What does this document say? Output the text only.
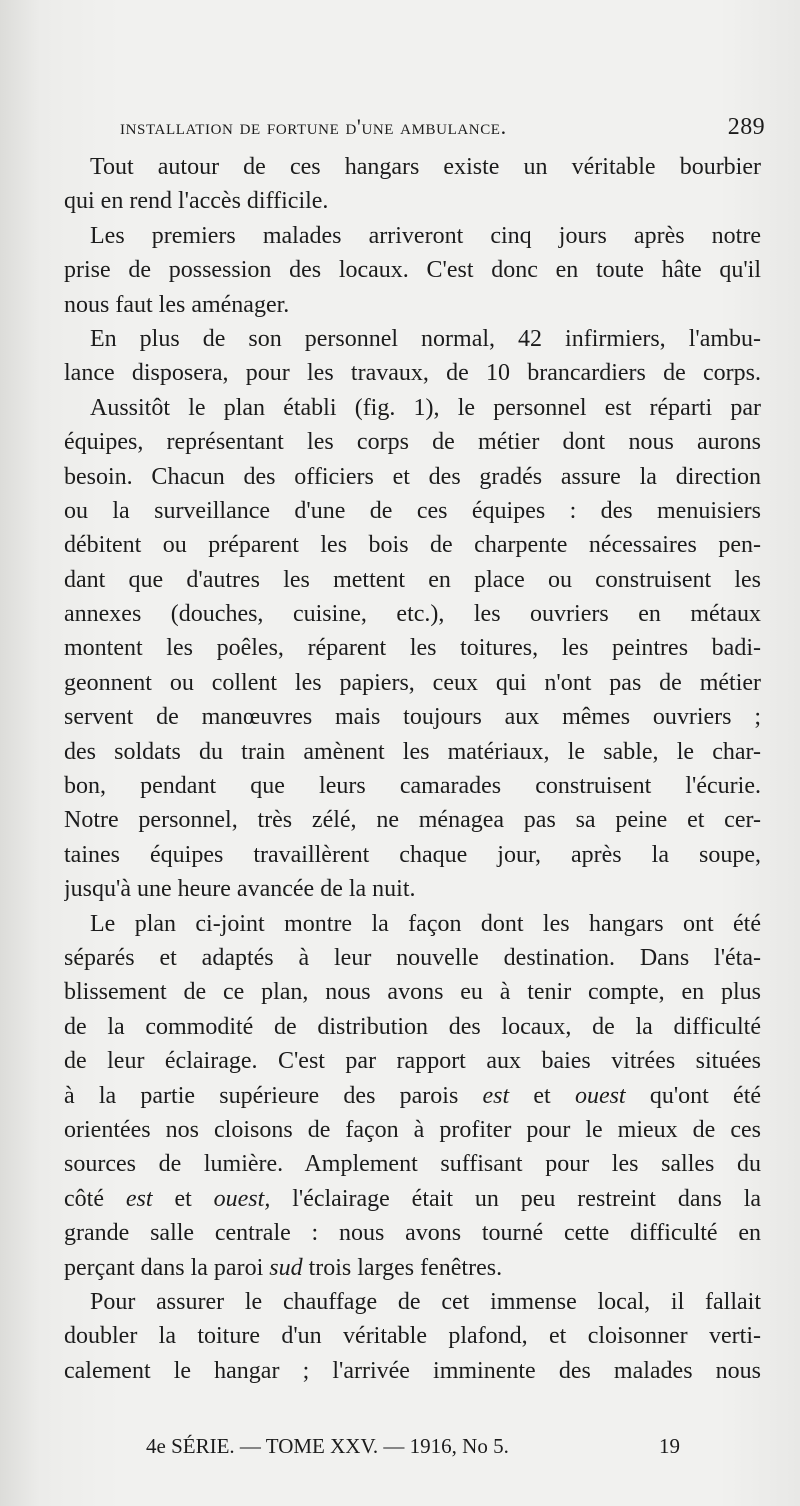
installation de fortune d'une ambulance.	289
Tout autour de ces hangars existe un véritable bourbier
qui en rend l'accès difficile.
Les premiers malades arriveront cinq jours après notre
prise de possession des locaux. C'est donc en toute hâte qu'il
nous faut les aménager.
En plus de son personnel normal, 42 infirmiers, l'ambu-
lance disposera, pour les travaux, de 10 brancardiers de corps.
Aussitôt le plan établi (fig. 1), le personnel est réparti par
équipes, représentant les corps de métier dont nous aurons
besoin. Chacun des officiers et des gradés assure la direction
ou la surveillance d'une de ces équipes : des menuisiers
débitent ou préparent les bois de charpente nécessaires pen-
dant que d'autres les mettent en place ou construisent les
annexes (douches, cuisine, etc.), les ouvriers en métaux
montent les poêles, réparent les toitures, les peintres badi-
geonnent ou collent les papiers, ceux qui n'ont pas de métier
servent de manœuvres mais toujours aux mêmes ouvriers ;
des soldats du train amènent les matériaux, le sable, le char-
bon, pendant que leurs camarades construisent l'écurie.
Notre personnel, très zélé, ne ménagea pas sa peine et cer-
taines équipes travaillèrent chaque jour, après la soupe,
jusqu'à une heure avancée de la nuit.
Le plan ci-joint montre la façon dont les hangars ont été
séparés et adaptés à leur nouvelle destination. Dans l'éta-
blissement de ce plan, nous avons eu à tenir compte, en plus
de la commodité de distribution des locaux, de la difficulté
de leur éclairage. C'est par rapport aux baies vitrées situées
à la partie supérieure des parois est et ouest qu'ont été
orientées nos cloisons de façon à profiter pour le mieux de ces
sources de lumière. Amplement suffisant pour les salles du
côté est et ouest, l'éclairage était un peu restreint dans la
grande salle centrale : nous avons tourné cette difficulté en
perçant dans la paroi sud trois larges fenêtres.
Pour assurer le chauffage de cet immense local, il fallait
doubler la toiture d'un véritable plafond, et cloisonner verti-
calement le hangar ; l'arrivée imminente des malades nous
4e SÉRIE. — TOME XXV. — 1916, No 5.	19
